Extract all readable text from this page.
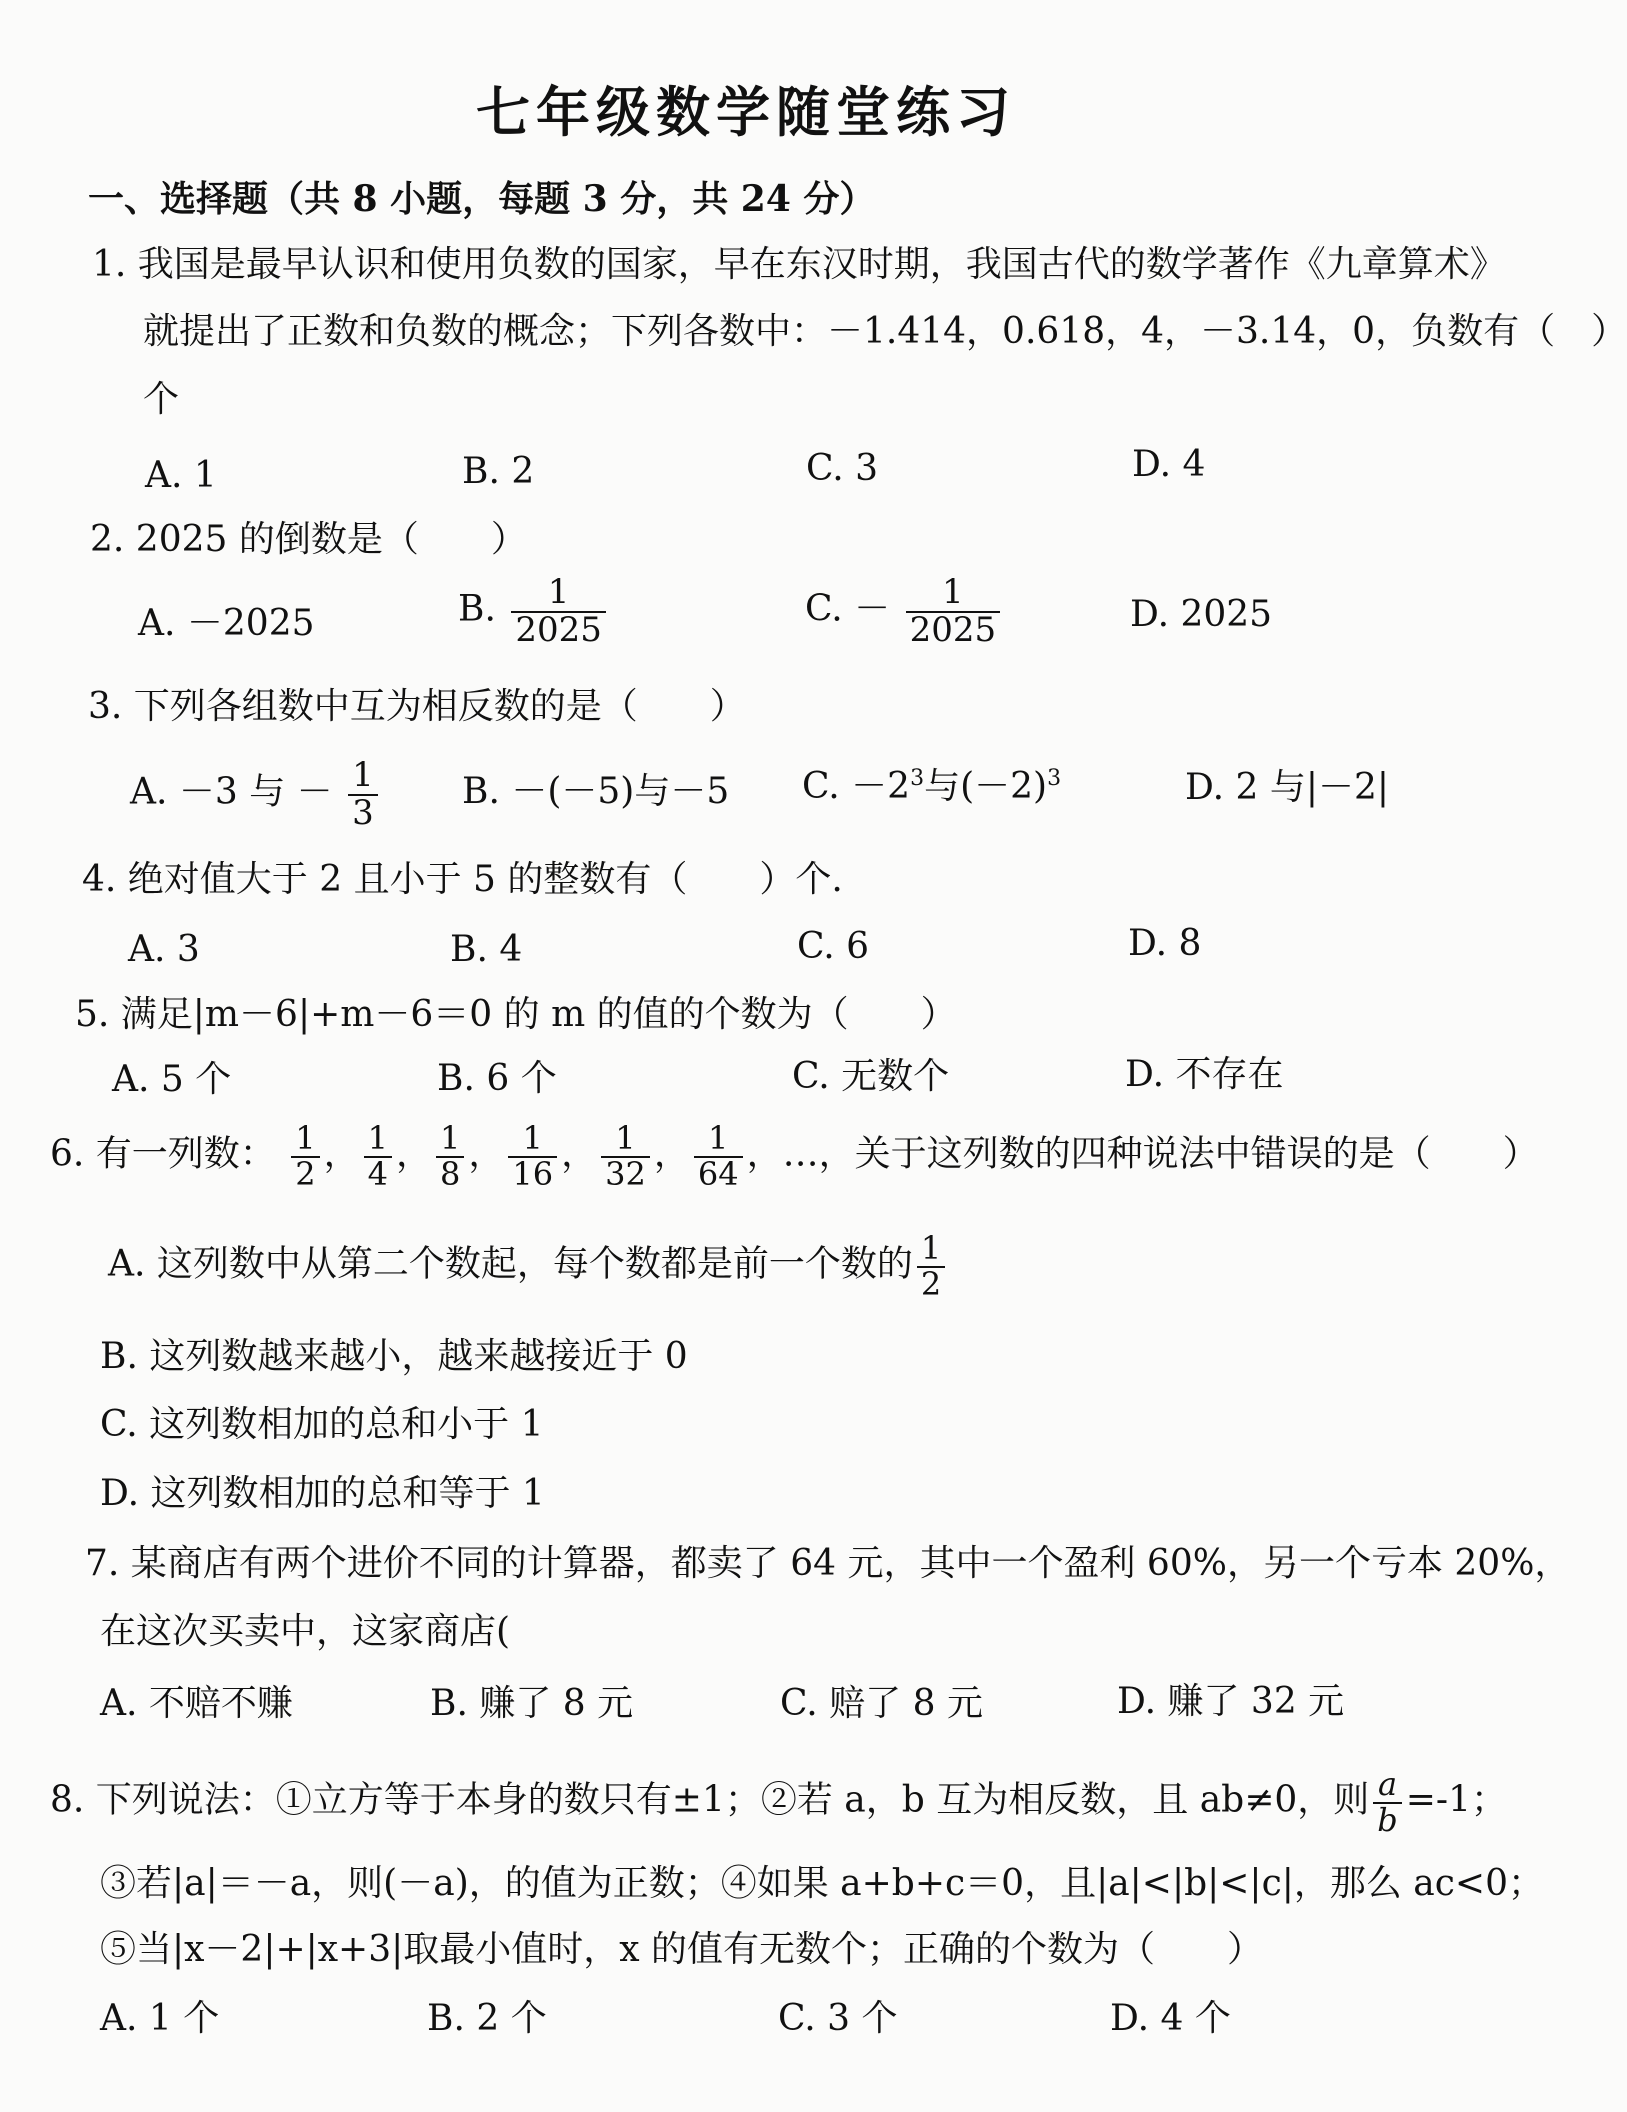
七年级数学随堂练习
一、选择题（共 8 小题，每题 3 分，共 24 分）
1. 我国是最早认识和使用负数的国家，早在东汉时期，我国古代的数学著作《九章算术》
就提出了正数和负数的概念；下列各数中：－1.414，0.618，4，－3.14，0，负数有（　）
个
A. 1	B. 2	C. 3	D. 4
2. 2025 的倒数是（　　）
A. －2025	B. $\frac{1}{2025}$	C. － $\frac{1}{2025}$	D. 2025
3. 下列各组数中互为相反数的是（　　）
A. －3 与 － $\frac{1}{3} B$. －(－5)与－5 C. $-2^3$与$(-2)^3$	D. 2 与|－2|
4. 绝对值大于 2 且小于 5 的整数有（　　）个.
A. 3	B. 4	C. 6	D. 8
5. 满足|m－6|+m－6＝0 的 m 的值的个数为（　　）
A. 5 个	B. 6 个	C. 无数个	D. 不存在
6. 有一列数： $\frac{1}{2}$ ， $\frac{1}{4}$ ， $\frac{1}{8}$ ， $\frac{1}{16}$ ， $\frac{1}{32}$ ， $\frac{1}{64}$ ，…，关于这列数的四种说法中错误的是（　　）
A. 这列数中从第二个数起，每个数都是前一个数的 $\frac{1}{2}$
B. 这列数越来越小，越来越接近于 0
C. 这列数相加的总和小于 1
D. 这列数相加的总和等于 1
7. 某商店有两个进价不同的计算器，都卖了 64 元，其中一个盈利 60%，另一个亏本 20%，
在这次买卖中，这家商店(
A. 不赔不赚	B. 赚了 8 元	C. 赔了 8 元	D. 赚了 32 元
8. 下列说法：①立方等于本身的数只有±1；②若 a，b 互为相反数，且 ab≠0，则 $\frac{a}{b} =-1$；
③若|a|＝－a，则(－a)，的值为正数；④如果 a+b+c＝0，且|a|<|b|<|c|，那么 ac<0；
⑤当|x－2|+|x+3|取最小值时，x 的值有无数个；正确的个数为（　　）
A. 1 个	B. 2 个	C. 3 个	D. 4 个
